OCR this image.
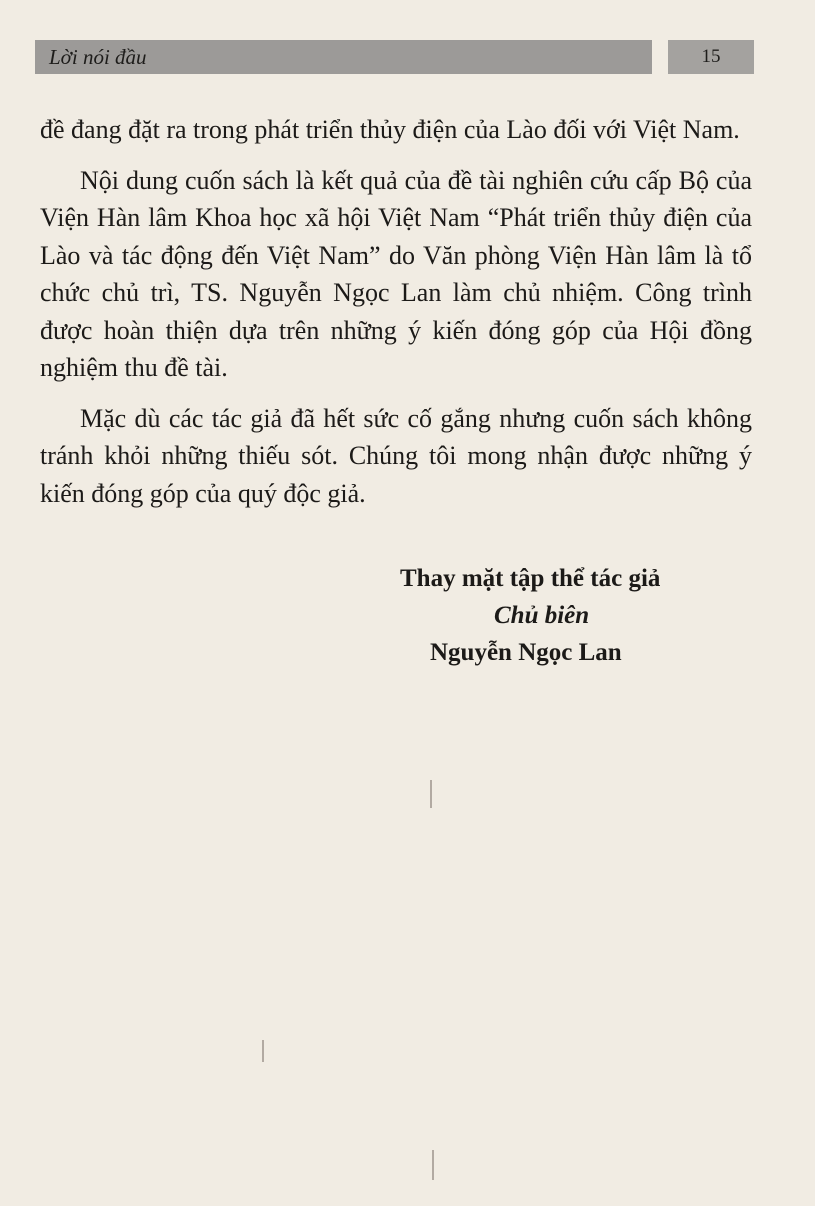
Lời nói đầu	15

đề đang đặt ra trong phát triển thủy điện của Lào đối với Việt Nam.

Nội dung cuốn sách là kết quả của đề tài nghiên cứu cấp Bộ của Viện Hàn lâm Khoa học xã hội Việt Nam “Phát triển thủy điện của Lào và tác động đến Việt Nam” do Văn phòng Viện Hàn lâm là tổ chức chủ trì, TS. Nguyễn Ngọc Lan làm chủ nhiệm. Công trình được hoàn thiện dựa trên những ý kiến đóng góp của Hội đồng nghiệm thu đề tài.

Mặc dù các tác giả đã hết sức cố gắng nhưng cuốn sách không tránh khỏi những thiếu sót. Chúng tôi mong nhận được những ý kiến đóng góp của quý độc giả.

Thay mặt tập thể tác giả
Chủ biên
Nguyễn Ngọc Lan
